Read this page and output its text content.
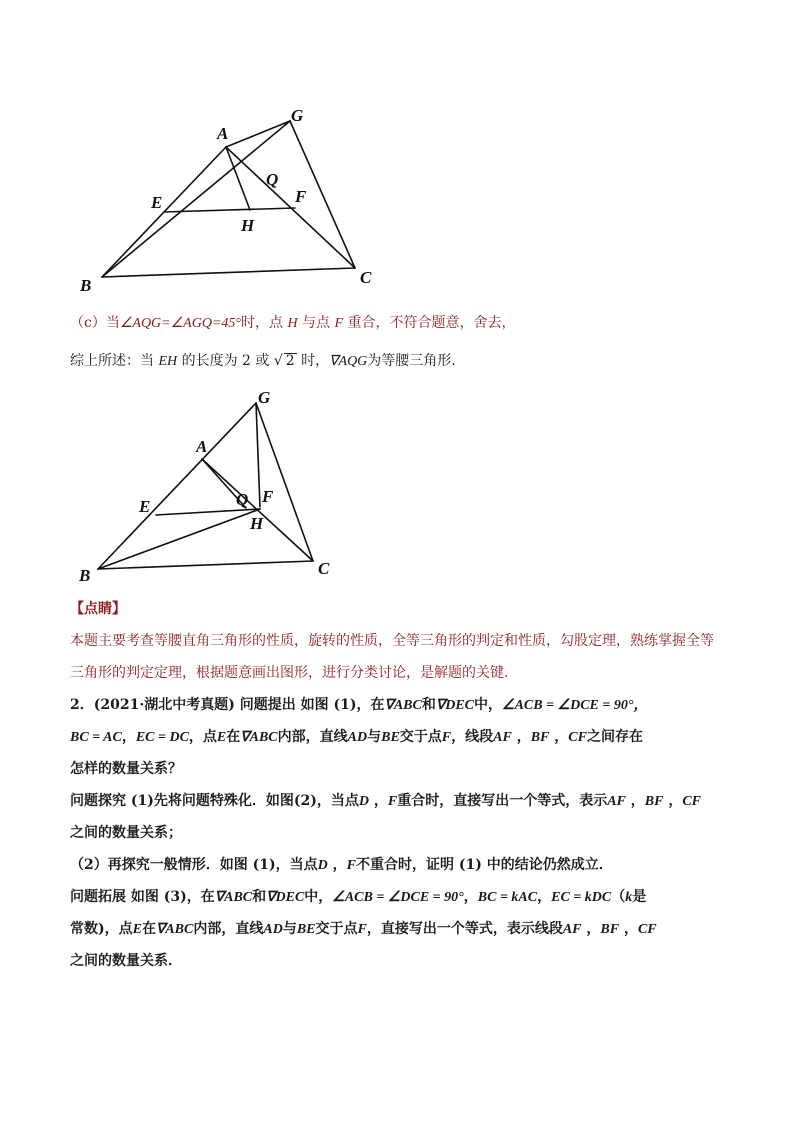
A
G
Q
E	F
H
B	C
（c）当∠AQG=∠AGQ=45°时，点 H 与点 F 重合，不符合题意，舍去，
综上所述：当 EH 的长度为 2 或 √ 2 时，∇AQG为等腰三角形.
G
A
E	Q F
H
B	C
【点睛】
本题主要考查等腰直角三角形的性质，旋转的性质，全等三角形的判定和性质，勾股定理，熟练掌握全等
三角形的判定定理，根据题意画出图形，进行分类讨论，是解题的关键.
2．(2021·湖北中考真题) 问题提出 如图 (1)，在∇ABC和∇DEC中，∠ACB = ∠DCE = 90°，
BC = AC，EC = DC，点E在∇ABC内部，直线AD与BE交于点F，线段AF ，BF ，CF之间存在
怎样的数量关系？
问题探究 (1)先将问题特殊化．如图(2)，当点D ，F重合时，直接写出一个等式，表示AF ，BF ，CF
之间的数量关系；
（2）再探究一般情形．如图 (1)，当点D ，F不重合时，证明 (1) 中的结论仍然成立．
问题拓展 如图 (3)，在∇ABC和∇DEC中，∠ACB = ∠DCE = 90°，BC = kAC，EC = kDC（k是
常数)，点E在∇ABC内部，直线AD与BE交于点F，直接写出一个等式，表示线段AF ，BF ，CF
之间的数量关系．
